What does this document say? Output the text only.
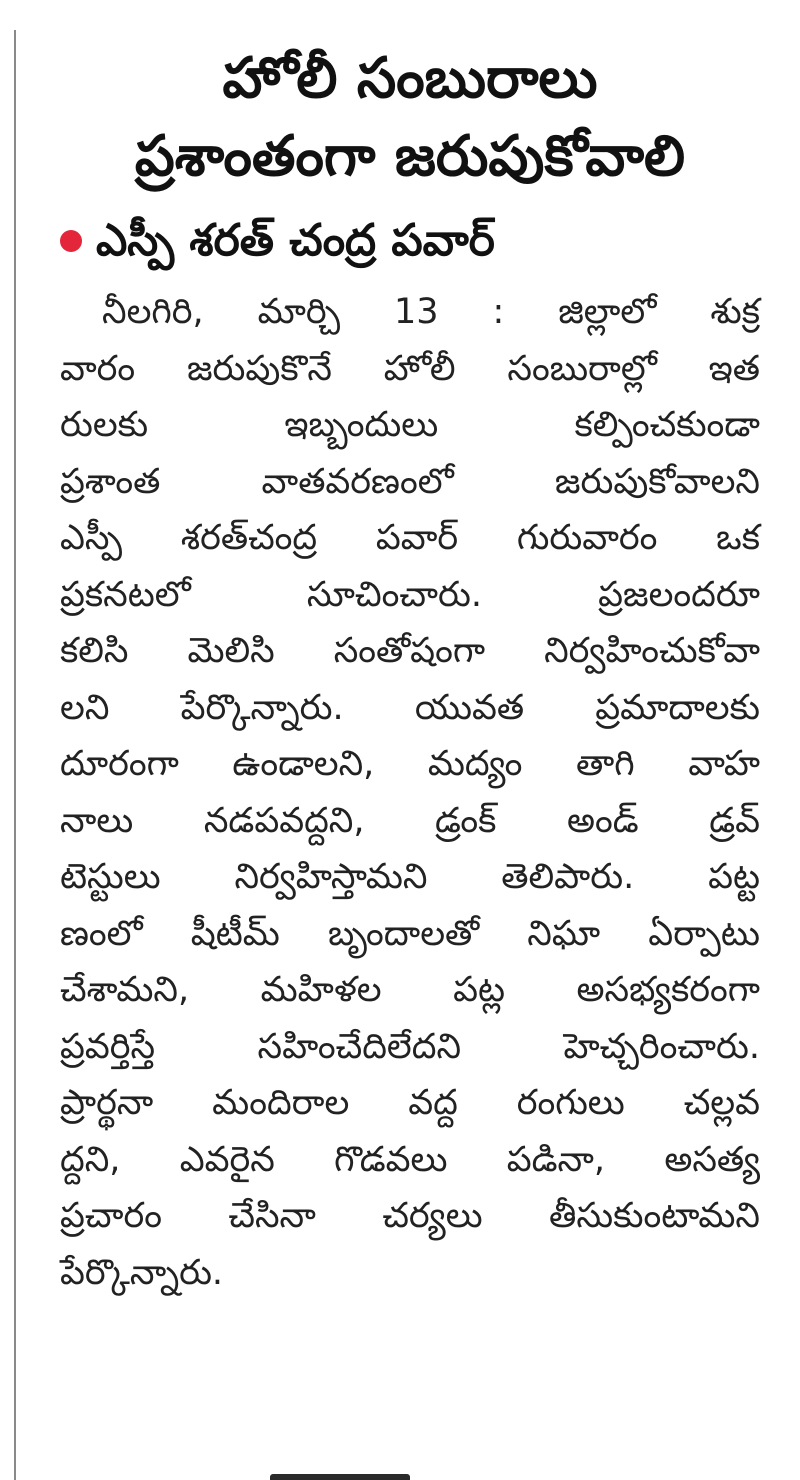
హోలీ సంబురాలు
ప్రశాంతంగా జరుపుకోవాలి
ఎస్పీ శరత్‌ చంద్ర పవార్‌
నీలగిరి, మార్చి 13 : జిల్లాలో శుక్ర
వారం జరుపుకొనే హోలీ సంబురాల్లో ఇత
రులకు ఇబ్బందులు కల్పించకుండా
ప్రశాంత వాతవరణంలో జరుపుకోవాలని
ఎస్పీ శరత్‌చంద్ర పవార్‌ గురువారం ఒక
ప్రకనటలో సూచించారు. ప్రజలందరూ
కలిసి మెలిసి సంతోషంగా నిర్వహించుకోవా
లని పేర్కొన్నారు. యువత ప్రమాదాలకు
దూరంగా ఉండాలని, మద్యం తాగి వాహ
నాలు నడపవద్దని, డ్రంక్‌ అండ్‌ డ్రవ్‌
టెస్టులు నిర్వహిస్తామని తెలిపారు. పట్ట
ణంలో షీటీమ్‌ బృందాలతో నిఘా ఏర్పాటు
చేశామని, మహిళల పట్ల అసభ్యకరంగా
ప్రవర్తిస్తే సహించేదిలేదని హెచ్చరించారు.
ప్రార్థనా మందిరాల వద్ద రంగులు చల్లవ
ద్దని, ఎవరైన గొడవలు పడినా, అసత్య
ప్రచారం చేసినా చర్యలు తీసుకుంటామని
పేర్కొన్నారు.
